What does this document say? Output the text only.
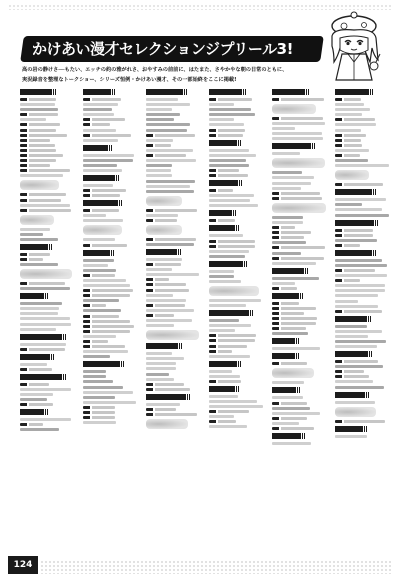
かけあい漫才セレクションジプリール3!
高の岩の静けさ──もたい、エッチの約の雅がれさ、おやすみの前前に、はたまた、さやかやな朝の日常のともに、
実況録音を整理なトークショー、シリーズ恒例・かけあい漫才、その一部始終をここに掲載!
124
